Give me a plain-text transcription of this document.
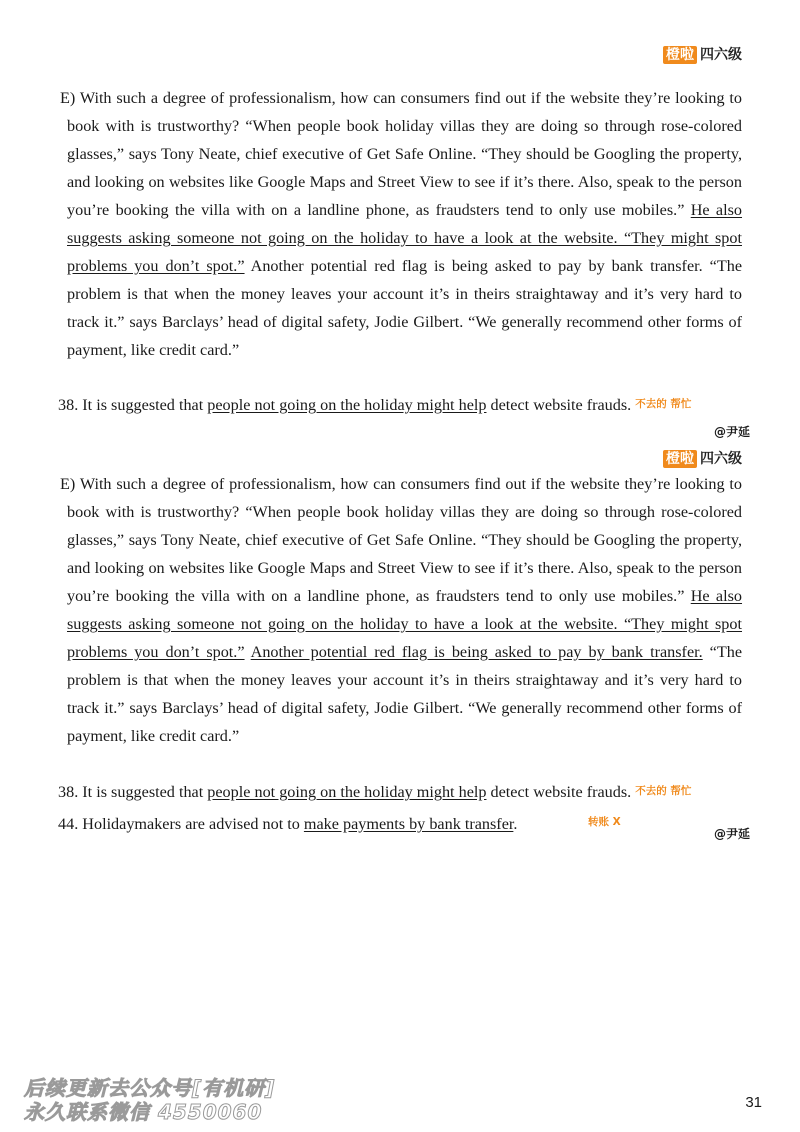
橙啦 四六级

E) With such a degree of professionalism, how can consumers find out if the website they’re looking to book with is trustworthy? “When people book holiday villas they are doing so through rose-colored glasses,” says Tony Neate, chief executive of Get Safe Online. “They should be Googling the property, and looking on websites like Google Maps and Street View to see if it’s there. Also, speak to the person you’re booking the villa with on a landline phone, as fraudsters tend to only use mobiles.” He also suggests asking someone not going on the holiday to have a look at the website. “They might spot problems you don’t spot.” Another potential red flag is being asked to pay by bank transfer. “The problem is that when the money leaves your account it’s in theirs straightaway and it’s very hard to track it.” says Barclays’ head of digital safety, Jodie Gilbert. “We generally recommend other forms of payment, like credit card.”

38. It is suggested that people not going on the holiday might help detect website frauds. 不去的 帮忙
@尹延
橙啦 四六级

E) With such a degree of professionalism, how can consumers find out if the website they’re looking to book with is trustworthy? “When people book holiday villas they are doing so through rose-colored glasses,” says Tony Neate, chief executive of Get Safe Online. “They should be Googling the property, and looking on websites like Google Maps and Street View to see if it’s there. Also, speak to the person you’re booking the villa with on a landline phone, as fraudsters tend to only use mobiles.” He also suggests asking someone not going on the holiday to have a look at the website. “They might spot problems you don’t spot.” Another potential red flag is being asked to pay by bank transfer. “The problem is that when the money leaves your account it’s in theirs straightaway and it’s very hard to track it.” says Barclays’ head of digital safety, Jodie Gilbert. “We generally recommend other forms of payment, like credit card.”

38. It is suggested that people not going on the holiday might help detect website frauds. 不去的 帮忙
44. Holidaymakers are advised not to make payments by bank transfer.	转账 X
@尹延
后续更新去公众号[有机研]
永久联系微信 4550060	31
